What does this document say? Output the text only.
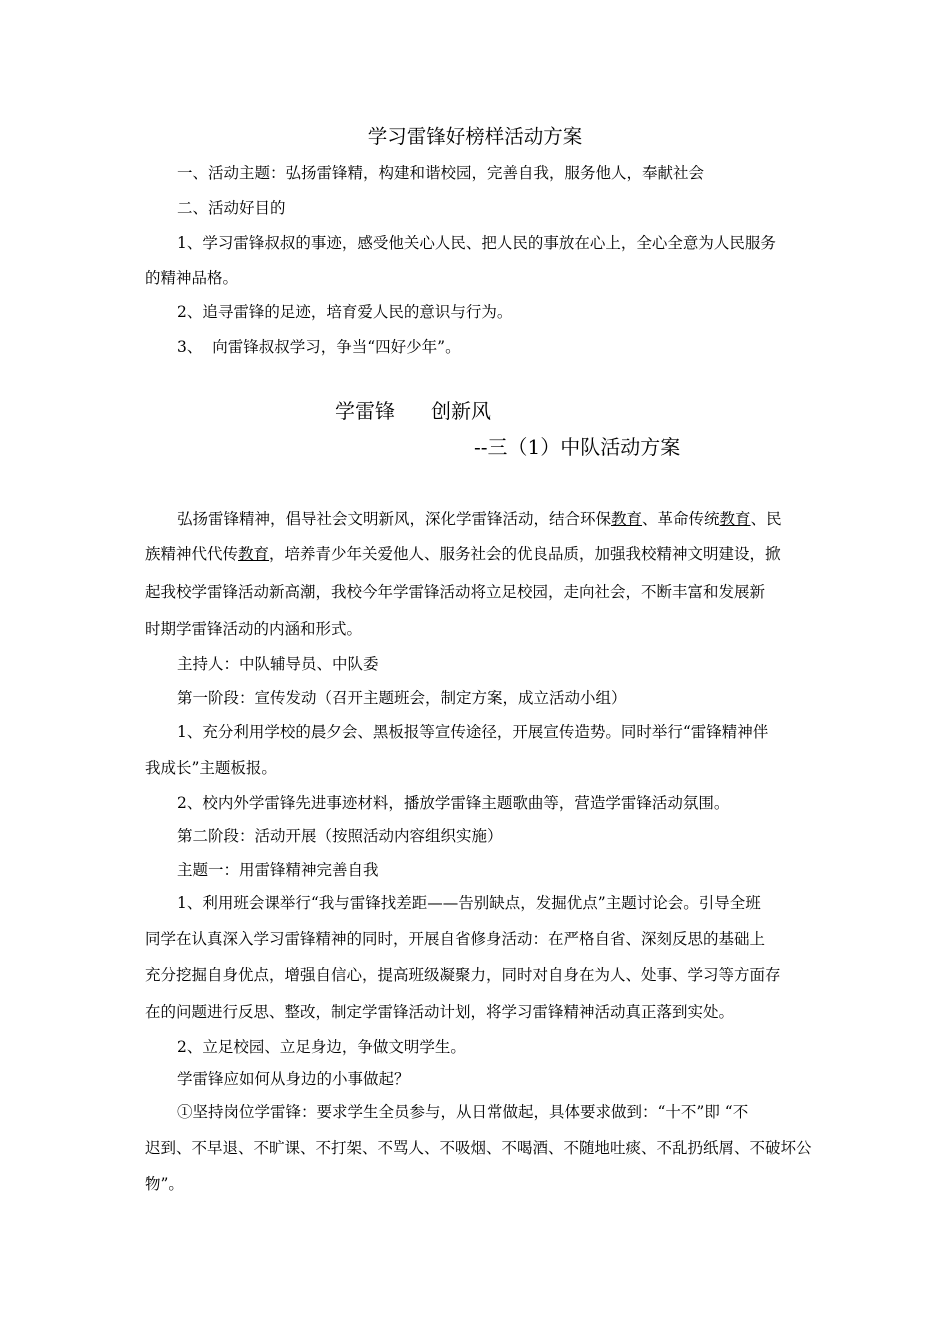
学习雷锋好榜样活动方案
一、活动主题：弘扬雷锋精，构建和谐校园，完善自我，服务他人，奉献社会
二、活动好目的
1、学习雷锋叔叔的事迹，感受他关心人民、把人民的事放在心上，全心全意为人民服务
的精神品格。
2、追寻雷锋的足迹，培育爱人民的意识与行为。
3、  向雷锋叔叔学习，争当“四好少年”。
学雷锋 创新风
--三（1）中队活动方案
弘扬雷锋精神，倡导社会文明新风，深化学雷锋活动，结合环保教育、革命传统教育、民
族精神代代传教育，培养青少年关爱他人、服务社会的优良品质，加强我校精神文明建设，掀
起我校学雷锋活动新高潮，我校今年学雷锋活动将立足校园，走向社会，不断丰富和发展新
时期学雷锋活动的内涵和形式。
主持人：中队辅导员、中队委
第一阶段：宣传发动（召开主题班会，制定方案，成立活动小组）
1、充分利用学校的晨夕会、黑板报等宣传途径，开展宣传造势。同时举行“雷锋精神伴
我成长”主题板报。
2、校内外学雷锋先进事迹材料，播放学雷锋主题歌曲等，营造学雷锋活动氛围。
第二阶段：活动开展（按照活动内容组织实施）
主题一：用雷锋精神完善自我
1、利用班会课举行“我与雷锋找差距——告别缺点，发掘优点”主题讨论会。引导全班
同学在认真深入学习雷锋精神的同时，开展自省修身活动：在严格自省、深刻反思的基础上
充分挖掘自身优点，增强自信心，提高班级凝聚力，同时对自身在为人、处事、学习等方面存
在的问题进行反思、整改，制定学雷锋活动计划，将学习雷锋精神活动真正落到实处。
2、立足校园、立足身边，争做文明学生。
学雷锋应如何从身边的小事做起？
①坚持岗位学雷锋：要求学生全员参与，从日常做起，具体要求做到：“十不”即 “不
迟到、不早退、不旷课、不打架、不骂人、不吸烟、不喝酒、不随地吐痰、不乱扔纸屑、不破坏公
物”。
